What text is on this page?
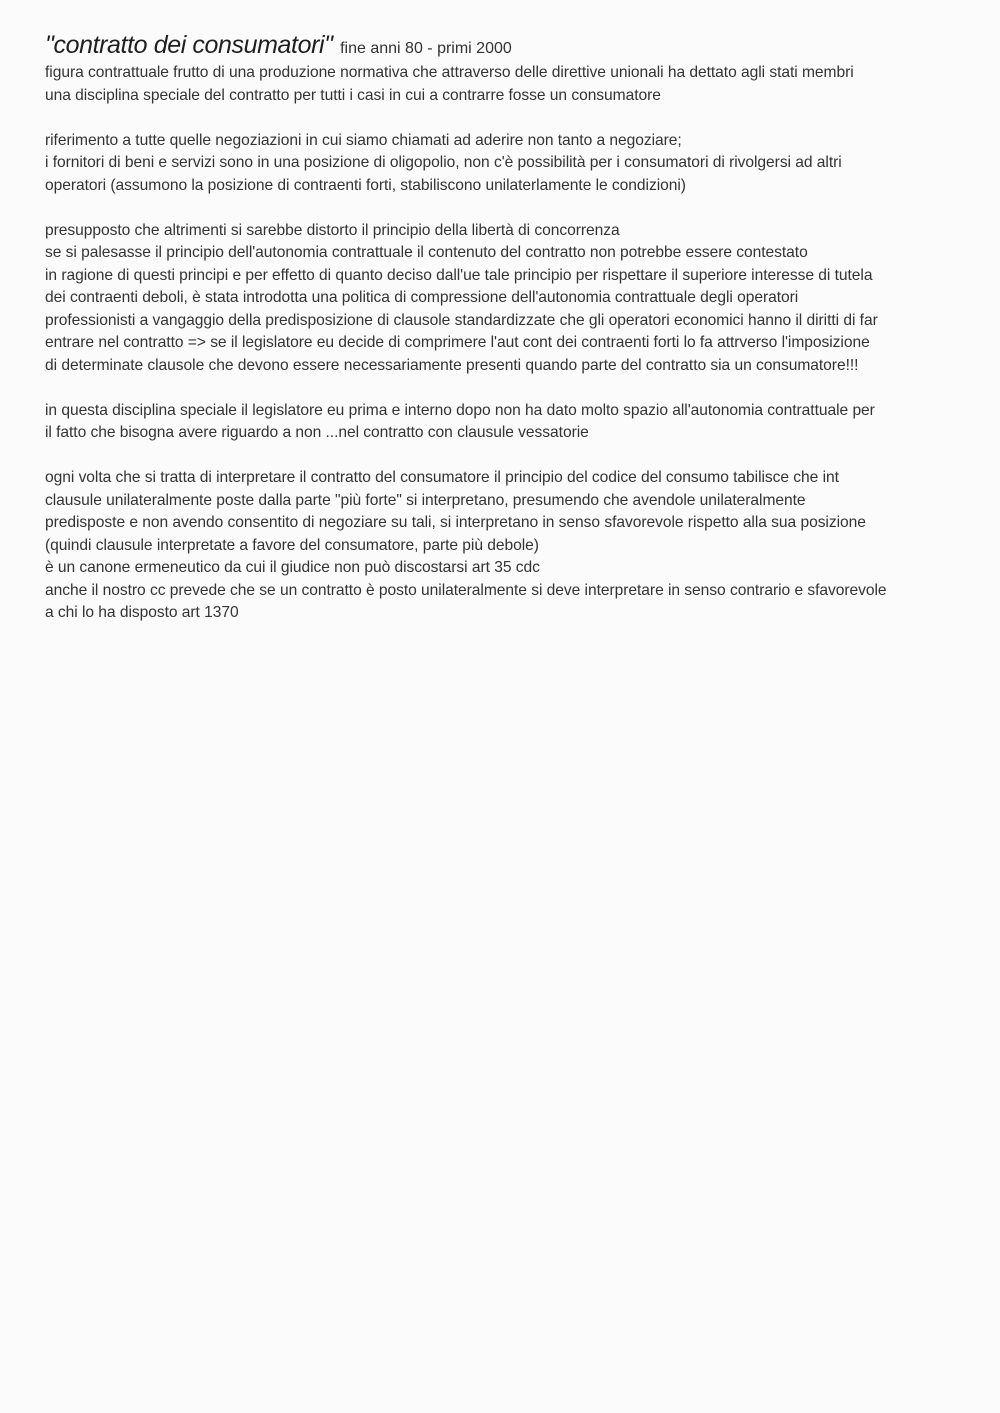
"contratto dei consumatori" fine anni 80 - primi 2000
figura contrattuale frutto di una produzione normativa che attraverso delle direttive unionali ha dettato agli stati membri
una disciplina speciale del contratto per tutti i casi in cui a contrarre fosse un consumatore
riferimento a tutte quelle negoziazioni in cui siamo chiamati ad aderire non tanto a negoziare;
i fornitori di beni e servizi sono in una posizione di oligopolio, non c'è possibilità per i consumatori di rivolgersi ad altri
operatori (assumono la posizione di contraenti forti, stabiliscono unilaterlamente le condizioni)
presupposto che altrimenti si sarebbe distorto il principio della libertà di concorrenza
se si palesasse il principio dell'autonomia contrattuale il contenuto del contratto non potrebbe essere contestato
in ragione di questi principi e per effetto di quanto deciso dall'ue tale principio per rispettare il superiore interesse di tutela
dei contraenti deboli, è stata introdotta una politica di compressione dell'autonomia contrattuale degli operatori
professionisti a vangaggio della predisposizione di clausole standardizzate che gli operatori economici hanno il diritti di far
entrare nel contratto => se il legislatore eu decide di comprimere l'aut cont dei contraenti forti lo fa attrverso l'imposizione
di determinate clausole che devono essere necessariamente presenti quando parte del contratto sia un consumatore!!!
in questa disciplina speciale il legislatore eu prima e interno dopo non ha dato molto spazio all'autonomia contrattuale per
il fatto che bisogna avere riguardo a non ...nel contratto con clausule vessatorie
ogni volta che si tratta di interpretare il contratto del consumatore il principio del codice del consumo tabilisce che int
clausule unilateralmente poste dalla parte "più forte" si interpretano, presumendo che avendole unilateralmente
predisposte e non avendo consentito di negoziare su tali, si interpretano in senso sfavorevole rispetto alla sua posizione
(quindi clausule interpretate a favore del consumatore, parte più debole)
è un canone ermeneutico da cui il giudice non può discostarsi art 35 cdc
anche il nostro cc prevede che se un contratto è posto unilateralmente si deve interpretare in senso contrario e sfavorevole
a chi lo ha disposto art 1370
